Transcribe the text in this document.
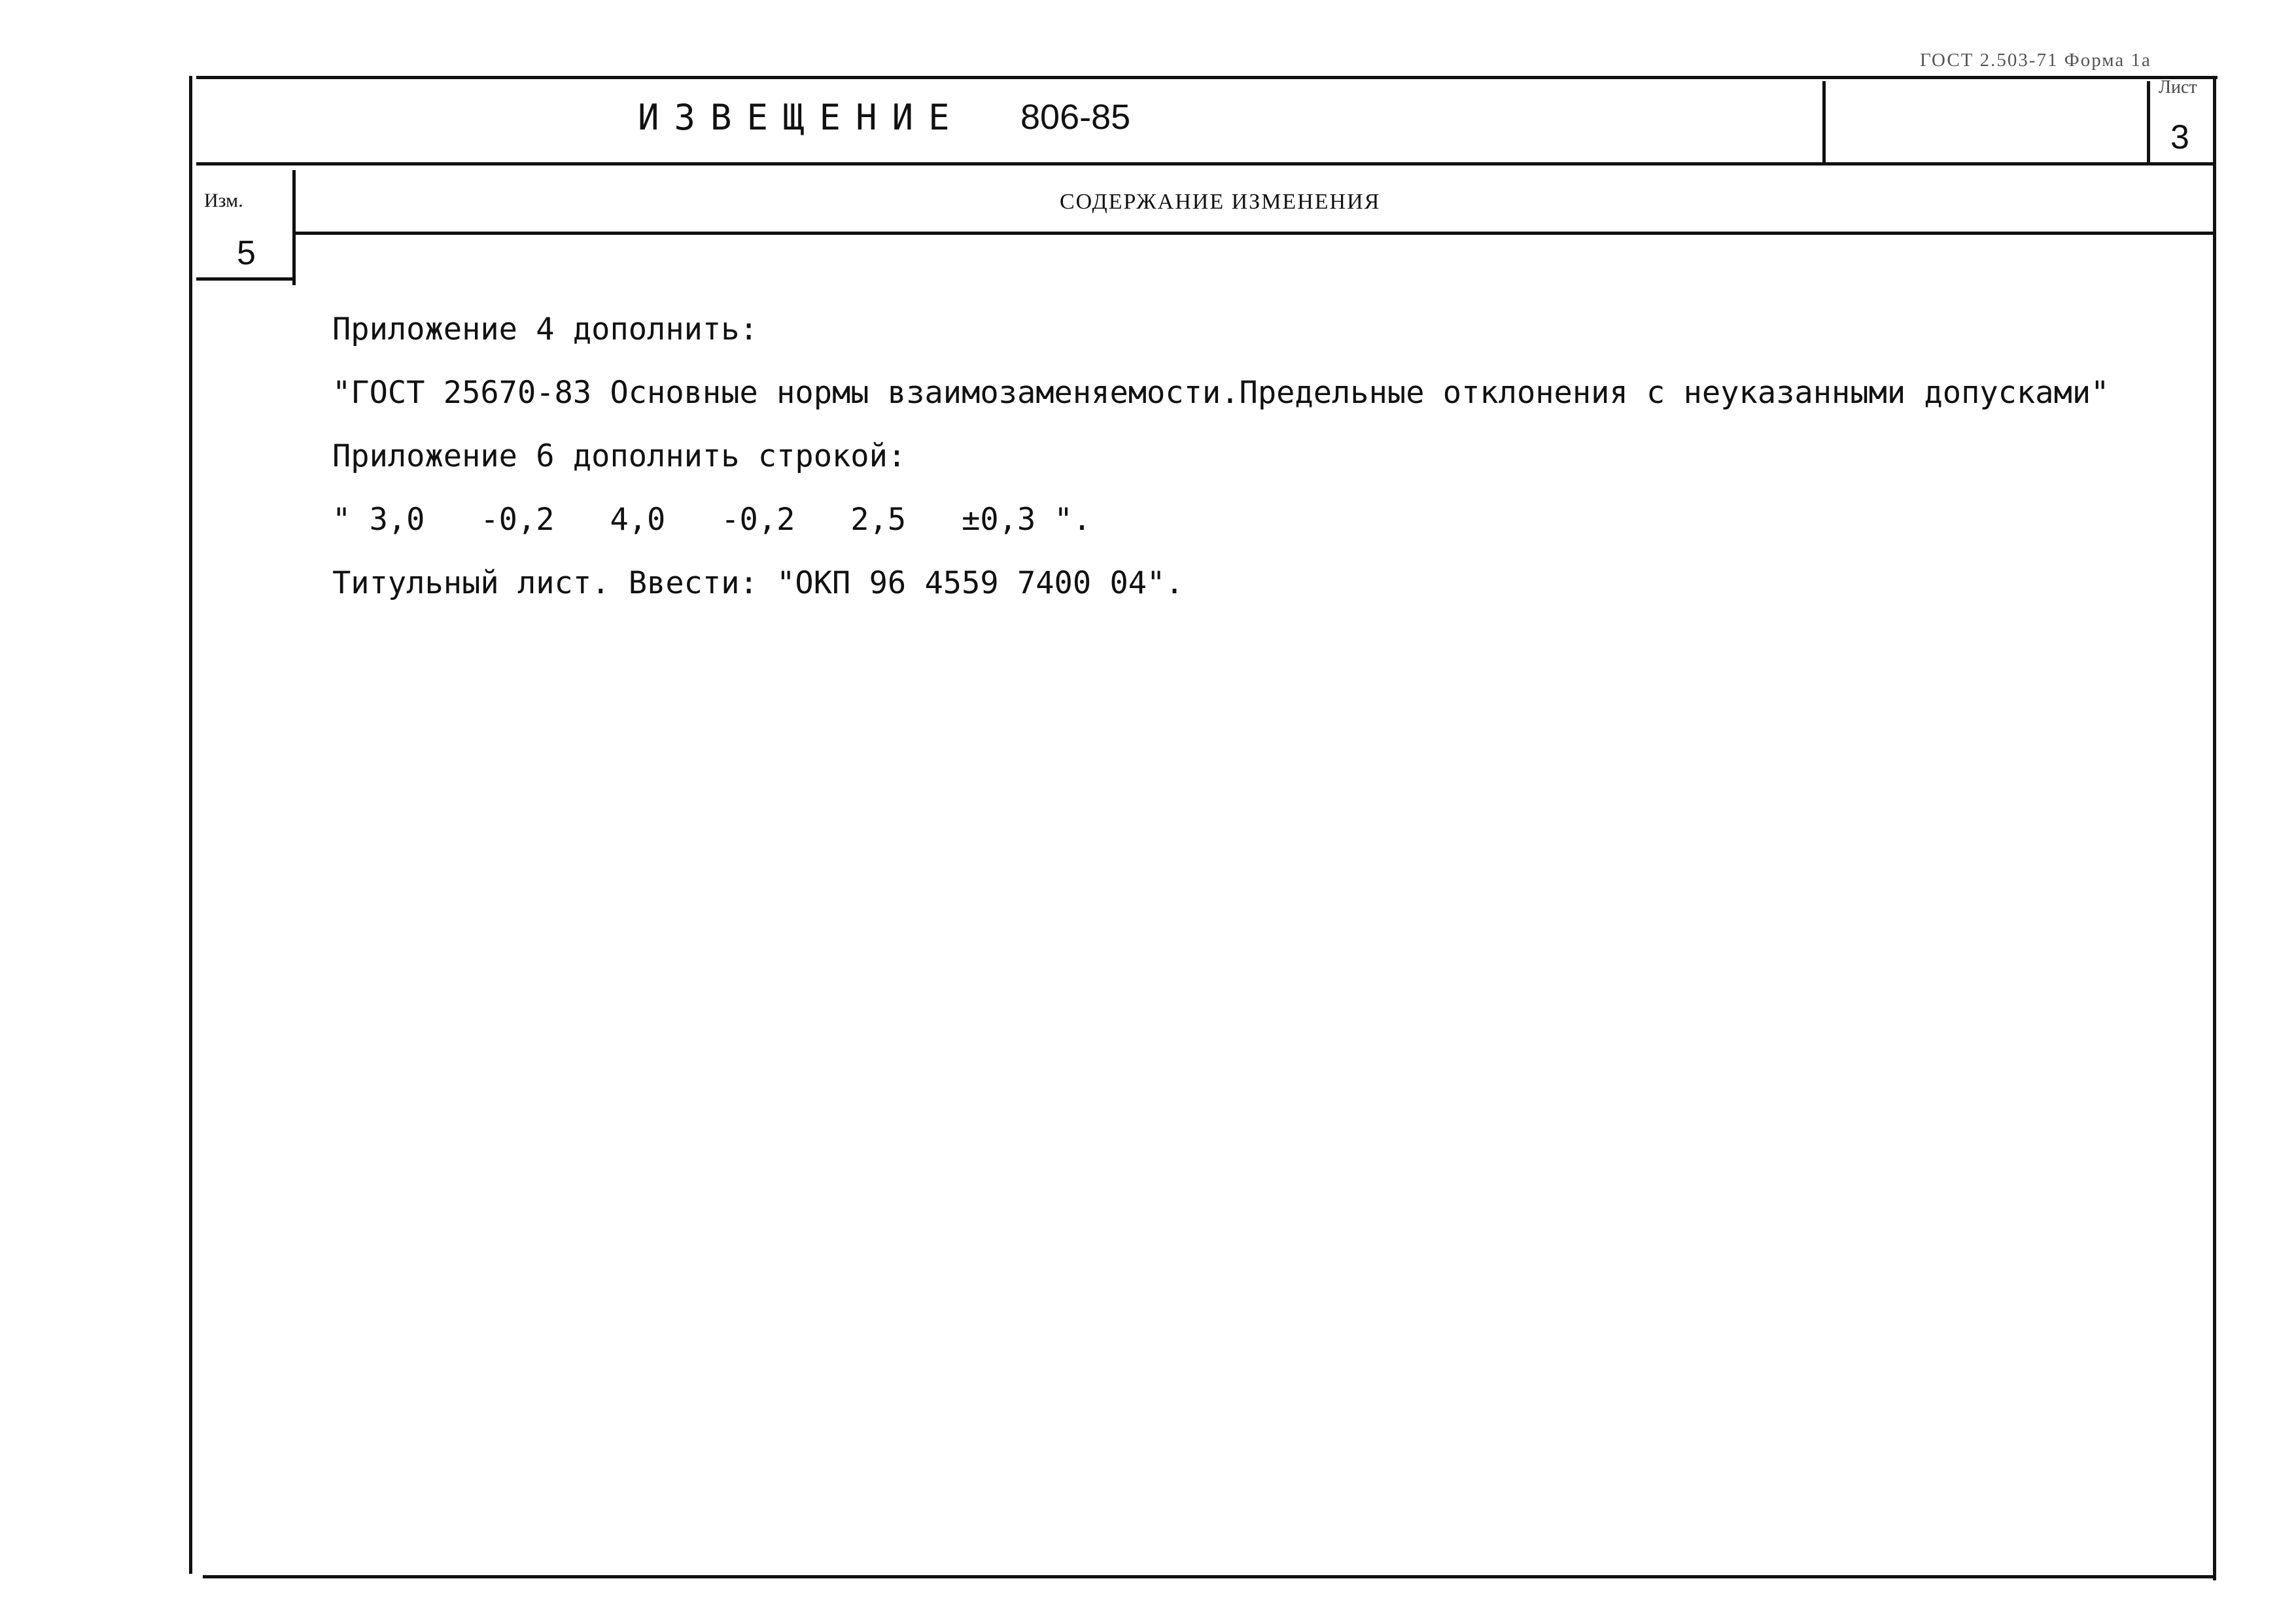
ГОСТ 2.503-71 Форма 1а
ИЗВЕЩЕНИЕ 806-85
Лист
3
Изм.	СОДЕРЖАНИЕ ИЗМЕНЕНИЯ
5
Приложение 4 дополнить:
"ГОСТ 25670-83 Основные нормы взаимозаменяемости.Предельные отклонения с неуказанными допусками"
Приложение 6 дополнить строкой:
" 3,0   -0,2   4,0   -0,2   2,5   ±0,3 ".
Титульный лист. Ввести: "ОКП 96 4559 7400 04".
